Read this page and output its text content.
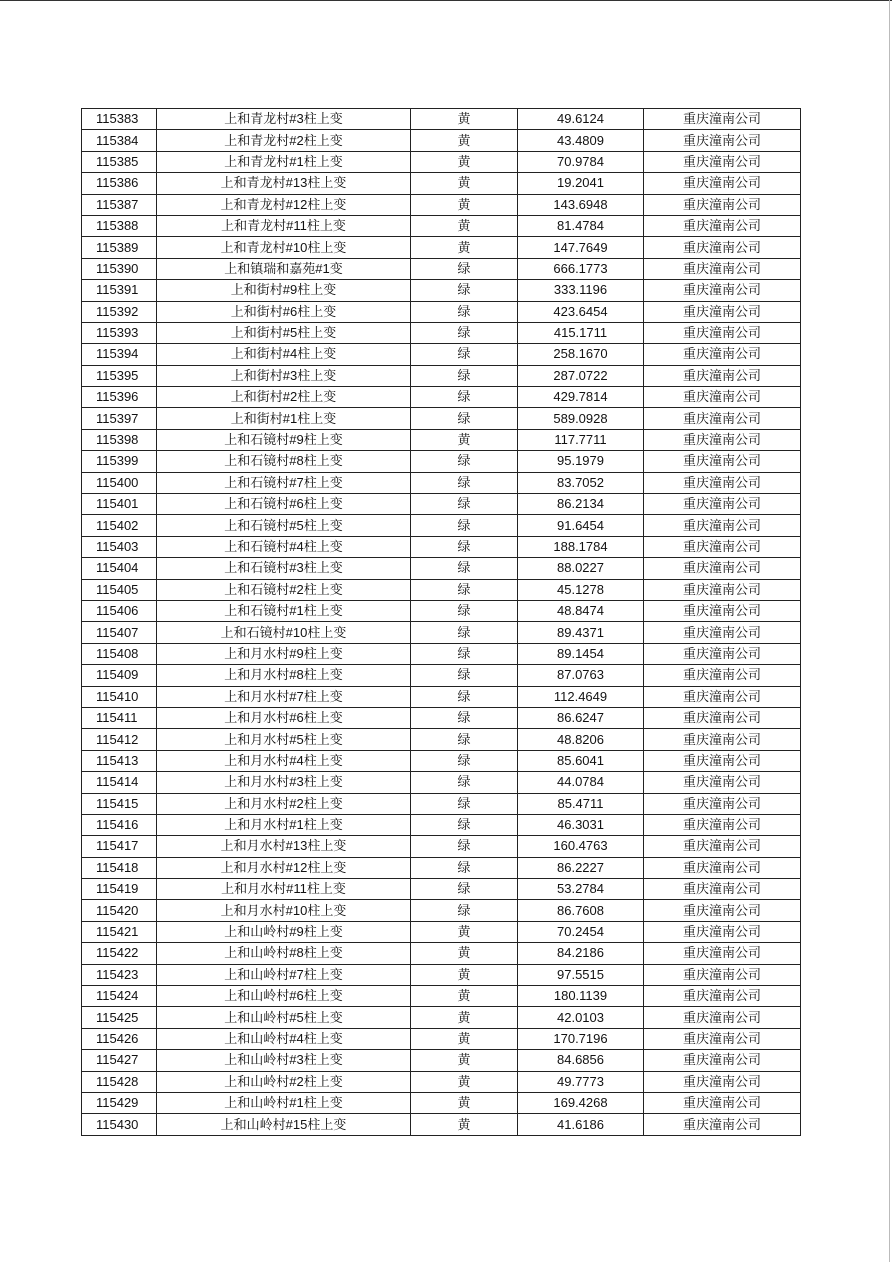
115383	上和青龙村#3柱上变	黄	49.6124	重庆潼南公司
115384	上和青龙村#2柱上变	黄	43.4809	重庆潼南公司
115385	上和青龙村#1柱上变	黄	70.9784	重庆潼南公司
115386	上和青龙村#13柱上变	黄	19.2041	重庆潼南公司
115387	上和青龙村#12柱上变	黄	143.6948	重庆潼南公司
115388	上和青龙村#11柱上变	黄	81.4784	重庆潼南公司
115389	上和青龙村#10柱上变	黄	147.7649	重庆潼南公司
115390	上和镇瑞和嘉苑#1变	绿	666.1773	重庆潼南公司
115391	上和街村#9柱上变	绿	333.1196	重庆潼南公司
115392	上和街村#6柱上变	绿	423.6454	重庆潼南公司
115393	上和街村#5柱上变	绿	415.1711	重庆潼南公司
115394	上和街村#4柱上变	绿	258.1670	重庆潼南公司
115395	上和街村#3柱上变	绿	287.0722	重庆潼南公司
115396	上和街村#2柱上变	绿	429.7814	重庆潼南公司
115397	上和街村#1柱上变	绿	589.0928	重庆潼南公司
115398	上和石镜村#9柱上变	黄	117.7711	重庆潼南公司
115399	上和石镜村#8柱上变	绿	95.1979	重庆潼南公司
115400	上和石镜村#7柱上变	绿	83.7052	重庆潼南公司
115401	上和石镜村#6柱上变	绿	86.2134	重庆潼南公司
115402	上和石镜村#5柱上变	绿	91.6454	重庆潼南公司
115403	上和石镜村#4柱上变	绿	188.1784	重庆潼南公司
115404	上和石镜村#3柱上变	绿	88.0227	重庆潼南公司
115405	上和石镜村#2柱上变	绿	45.1278	重庆潼南公司
115406	上和石镜村#1柱上变	绿	48.8474	重庆潼南公司
115407	上和石镜村#10柱上变	绿	89.4371	重庆潼南公司
115408	上和月水村#9柱上变	绿	89.1454	重庆潼南公司
115409	上和月水村#8柱上变	绿	87.0763	重庆潼南公司
115410	上和月水村#7柱上变	绿	112.4649	重庆潼南公司
115411	上和月水村#6柱上变	绿	86.6247	重庆潼南公司
115412	上和月水村#5柱上变	绿	48.8206	重庆潼南公司
115413	上和月水村#4柱上变	绿	85.6041	重庆潼南公司
115414	上和月水村#3柱上变	绿	44.0784	重庆潼南公司
115415	上和月水村#2柱上变	绿	85.4711	重庆潼南公司
115416	上和月水村#1柱上变	绿	46.3031	重庆潼南公司
115417	上和月水村#13柱上变	绿	160.4763	重庆潼南公司
115418	上和月水村#12柱上变	绿	86.2227	重庆潼南公司
115419	上和月水村#11柱上变	绿	53.2784	重庆潼南公司
115420	上和月水村#10柱上变	绿	86.7608	重庆潼南公司
115421	上和山岭村#9柱上变	黄	70.2454	重庆潼南公司
115422	上和山岭村#8柱上变	黄	84.2186	重庆潼南公司
115423	上和山岭村#7柱上变	黄	97.5515	重庆潼南公司
115424	上和山岭村#6柱上变	黄	180.1139	重庆潼南公司
115425	上和山岭村#5柱上变	黄	42.0103	重庆潼南公司
115426	上和山岭村#4柱上变	黄	170.7196	重庆潼南公司
115427	上和山岭村#3柱上变	黄	84.6856	重庆潼南公司
115428	上和山岭村#2柱上变	黄	49.7773	重庆潼南公司
115429	上和山岭村#1柱上变	黄	169.4268	重庆潼南公司
115430	上和山岭村#15柱上变	黄	41.6186	重庆潼南公司
